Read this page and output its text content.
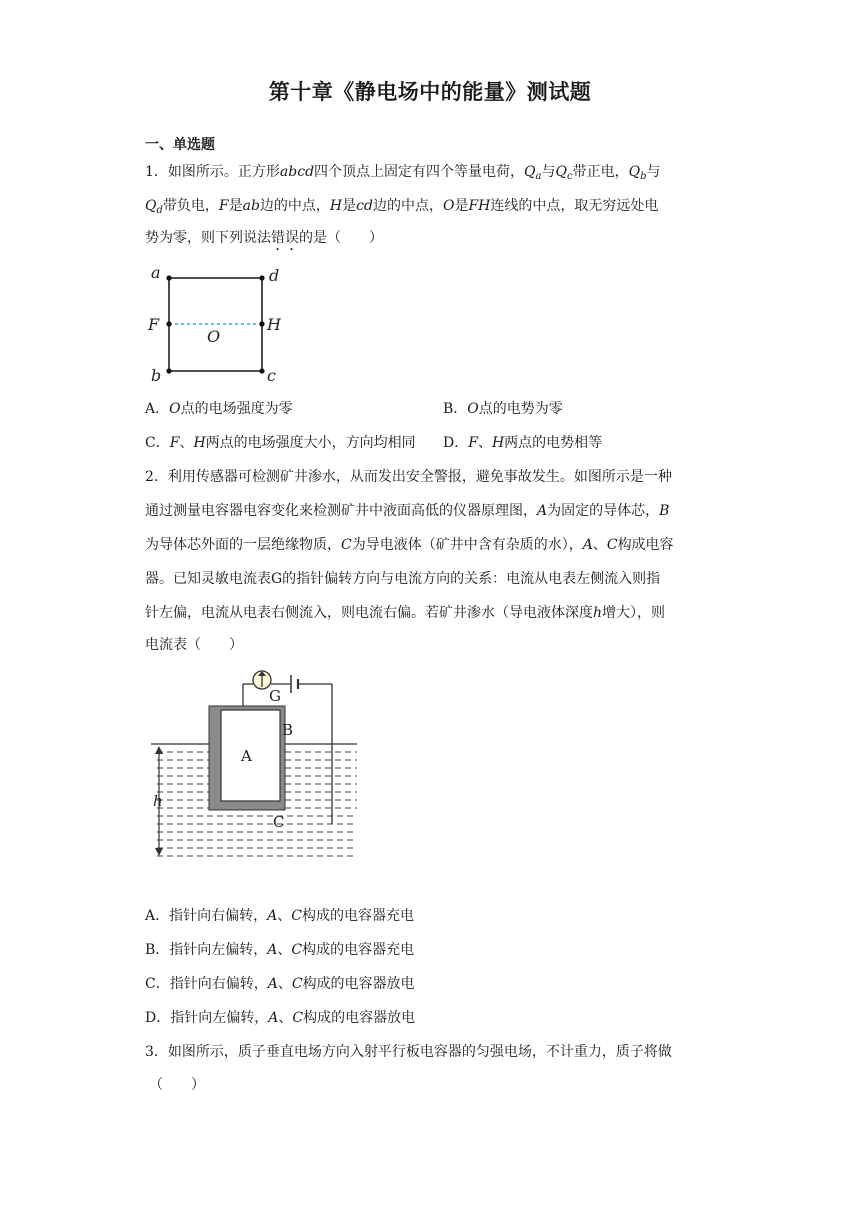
第十章《静电场中的能量》测试题
一、单选题
1．如图所示。正方形abcd四个顶点上固定有四个等量电荷，$Q_a$与$Q_c$带正电，$Q_b$与
$Q_d$带负电，F是ab边的中点，H是cd边的中点，O是FH连线的中点，取无穷远处电
势为零，则下列说法错误的是（　　）
a	d
F	H
O
b	c
A．O点的电场强度为零	B．O点的电势为零
C．F、H两点的电场强度大小，方向均相同 D．F、H两点的电势相等
2．利用传感器可检测矿井渗水，从而发出安全警报，避免事故发生。如图所示是一种
通过测量电容器电容变化来检测矿井中液面高低的仪器原理图，A为固定的导体芯，B
为导体芯外面的一层绝缘物质，C为导电液体（矿井中含有杂质的水），A、C构成电容
器。已知灵敏电流表G的指针偏转方向与电流方向的关系：电流从电表左侧流入则指
针左偏，电流从电表右侧流入，则电流右偏。若矿井渗水（导电液体深度h增大），则
电流表（　　）
G
B
A
C
h
A．指针向右偏转，A、C构成的电容器充电
B．指针向左偏转，A、C构成的电容器充电
C．指针向右偏转，A、C构成的电容器放电
D．指针向左偏转，A、C构成的电容器放电
3．如图所示，质子垂直电场方向入射平行板电容器的匀强电场，不计重力，质子将做
（　　）
